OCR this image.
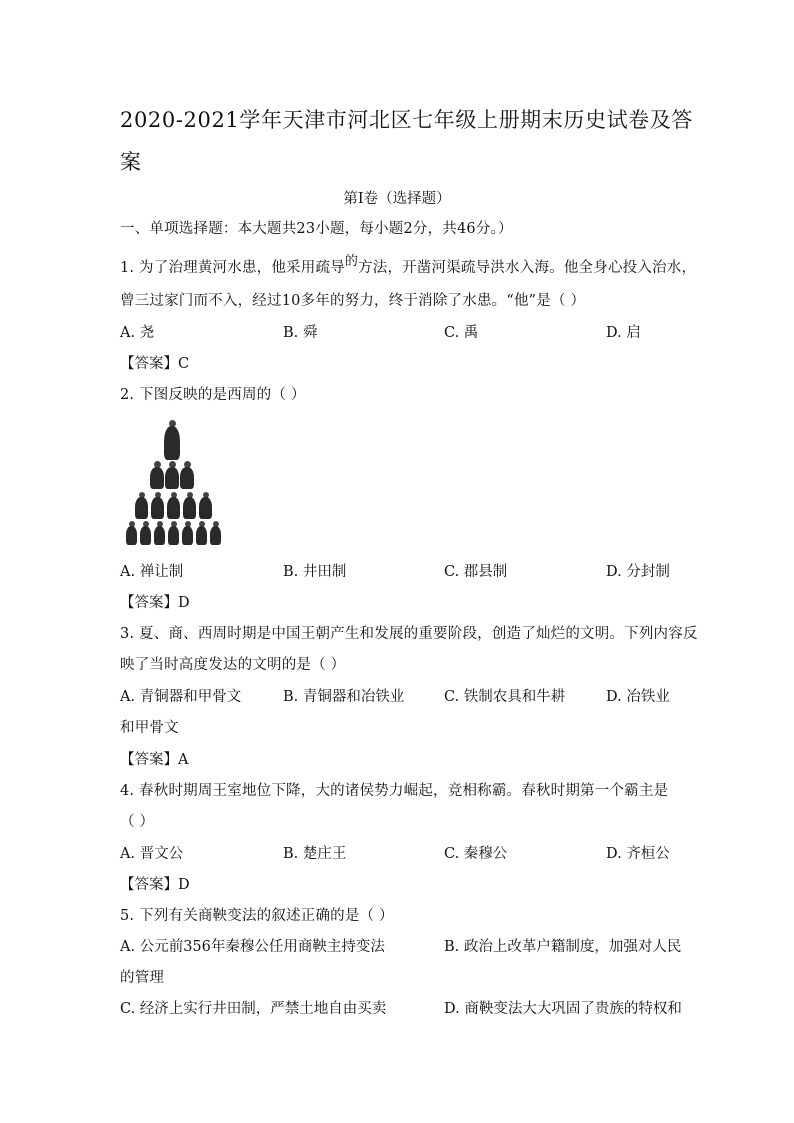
2020-2021学年天津市河北区七年级上册期末历史试卷及答
案
第I卷（选择题）
一、单项选择题：本大题共23小题，每小题2分，共46分。）
1. 为了治理黄河水患，他采用疏导的方法，开凿河渠疏导洪水入海。他全身心投入治水，
曾三过家门而不入，经过10多年的努力，终于消除了水患。“他”是（ ）
A. 尧	B. 舜	C. 禹	D. 启
【答案】C
2. 下图反映的是西周的（ ）
A. 禅让制	B. 井田制	C. 郡县制	D. 分封制
【答案】D
3. 夏、商、西周时期是中国王朝产生和发展的重要阶段，创造了灿烂的文明。下列内容反
映了当时高度发达的文明的是（ ）
A. 青铜器和甲骨文	B. 青铜器和冶铁业	C. 铁制农具和牛耕	D. 冶铁业
和甲骨文
【答案】A
4. 春秋时期周王室地位下降，大的诸侯势力崛起，竞相称霸。春秋时期第一个霸主是
（ ）
A. 晋文公	B. 楚庄王	C. 秦穆公	D. 齐桓公
【答案】D
5. 下列有关商鞅变法的叙述正确的是（ ）
A. 公元前356年秦穆公任用商鞅主持变法	B. 政治上改革户籍制度，加强对人民
的管理
C. 经济上实行井田制，严禁土地自由买卖	D. 商鞅变法大大巩固了贵族的特权和
